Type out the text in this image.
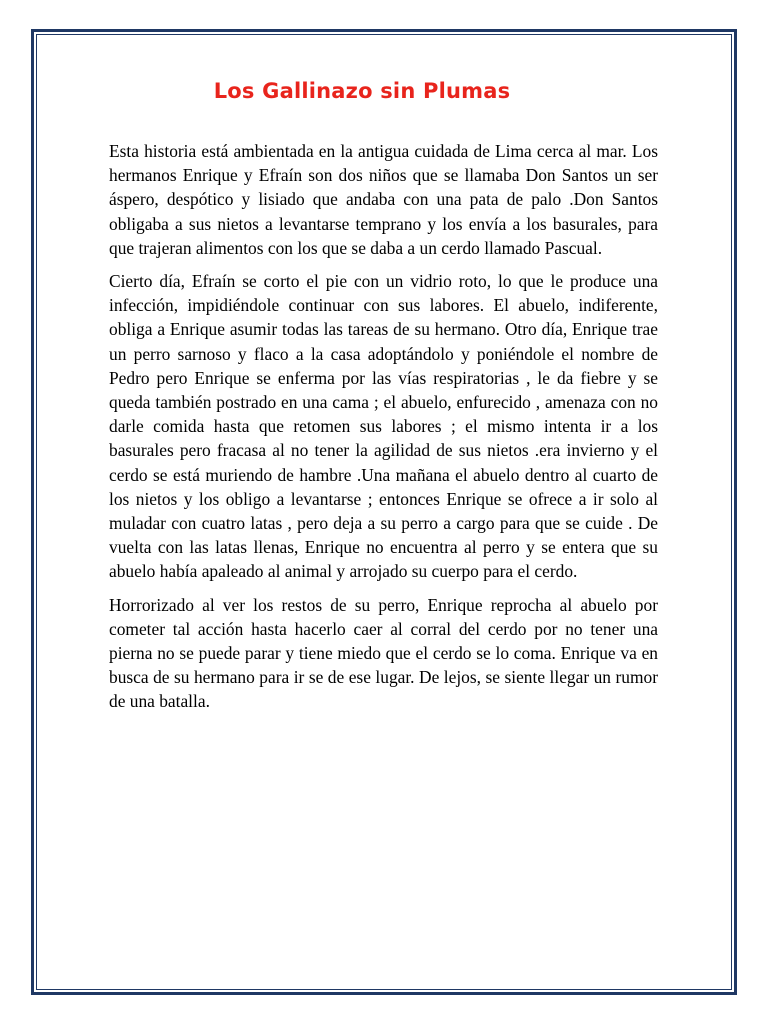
Los Gallinazo sin Plumas

Esta historia está ambientada en la antigua cuidada de Lima cerca al mar. Los hermanos Enrique y Efraín son dos niños que se llamaba Don Santos un ser áspero, despótico y lisiado que andaba con una pata de palo .Don Santos obligaba a sus nietos a levantarse temprano y los envía a los basurales, para que trajeran alimentos con los que se daba a un cerdo llamado Pascual.

Cierto día, Efraín se corto el pie con un vidrio roto, lo que le produce una infección, impidiéndole continuar con sus labores. El abuelo, indiferente, obliga a Enrique asumir todas las tareas de su hermano. Otro día, Enrique trae un perro sarnoso y flaco a la casa adoptándolo y poniéndole el nombre de Pedro pero Enrique se enferma por las vías respiratorias , le da fiebre y se queda también postrado en una cama ; el abuelo, enfurecido , amenaza con no darle comida hasta que retomen sus labores ; el mismo intenta ir a los basurales pero fracasa al no tener la agilidad de sus nietos .era invierno y el cerdo se está muriendo de hambre .Una mañana el abuelo dentro al cuarto de los nietos y los obligo a levantarse ; entonces Enrique se ofrece a ir solo al muladar con cuatro latas , pero deja a su perro a cargo para que se cuide . De vuelta con las latas llenas, Enrique no encuentra al perro y se entera que su abuelo había apaleado al animal y arrojado su cuerpo para el cerdo.

Horrorizado al ver los restos de su perro, Enrique reprocha al abuelo por cometer tal acción hasta hacerlo caer al corral del cerdo por no tener una pierna no se puede parar y tiene miedo que el cerdo se lo coma. Enrique va en busca de su hermano para ir se de ese lugar. De lejos, se siente llegar un rumor de una batalla.
